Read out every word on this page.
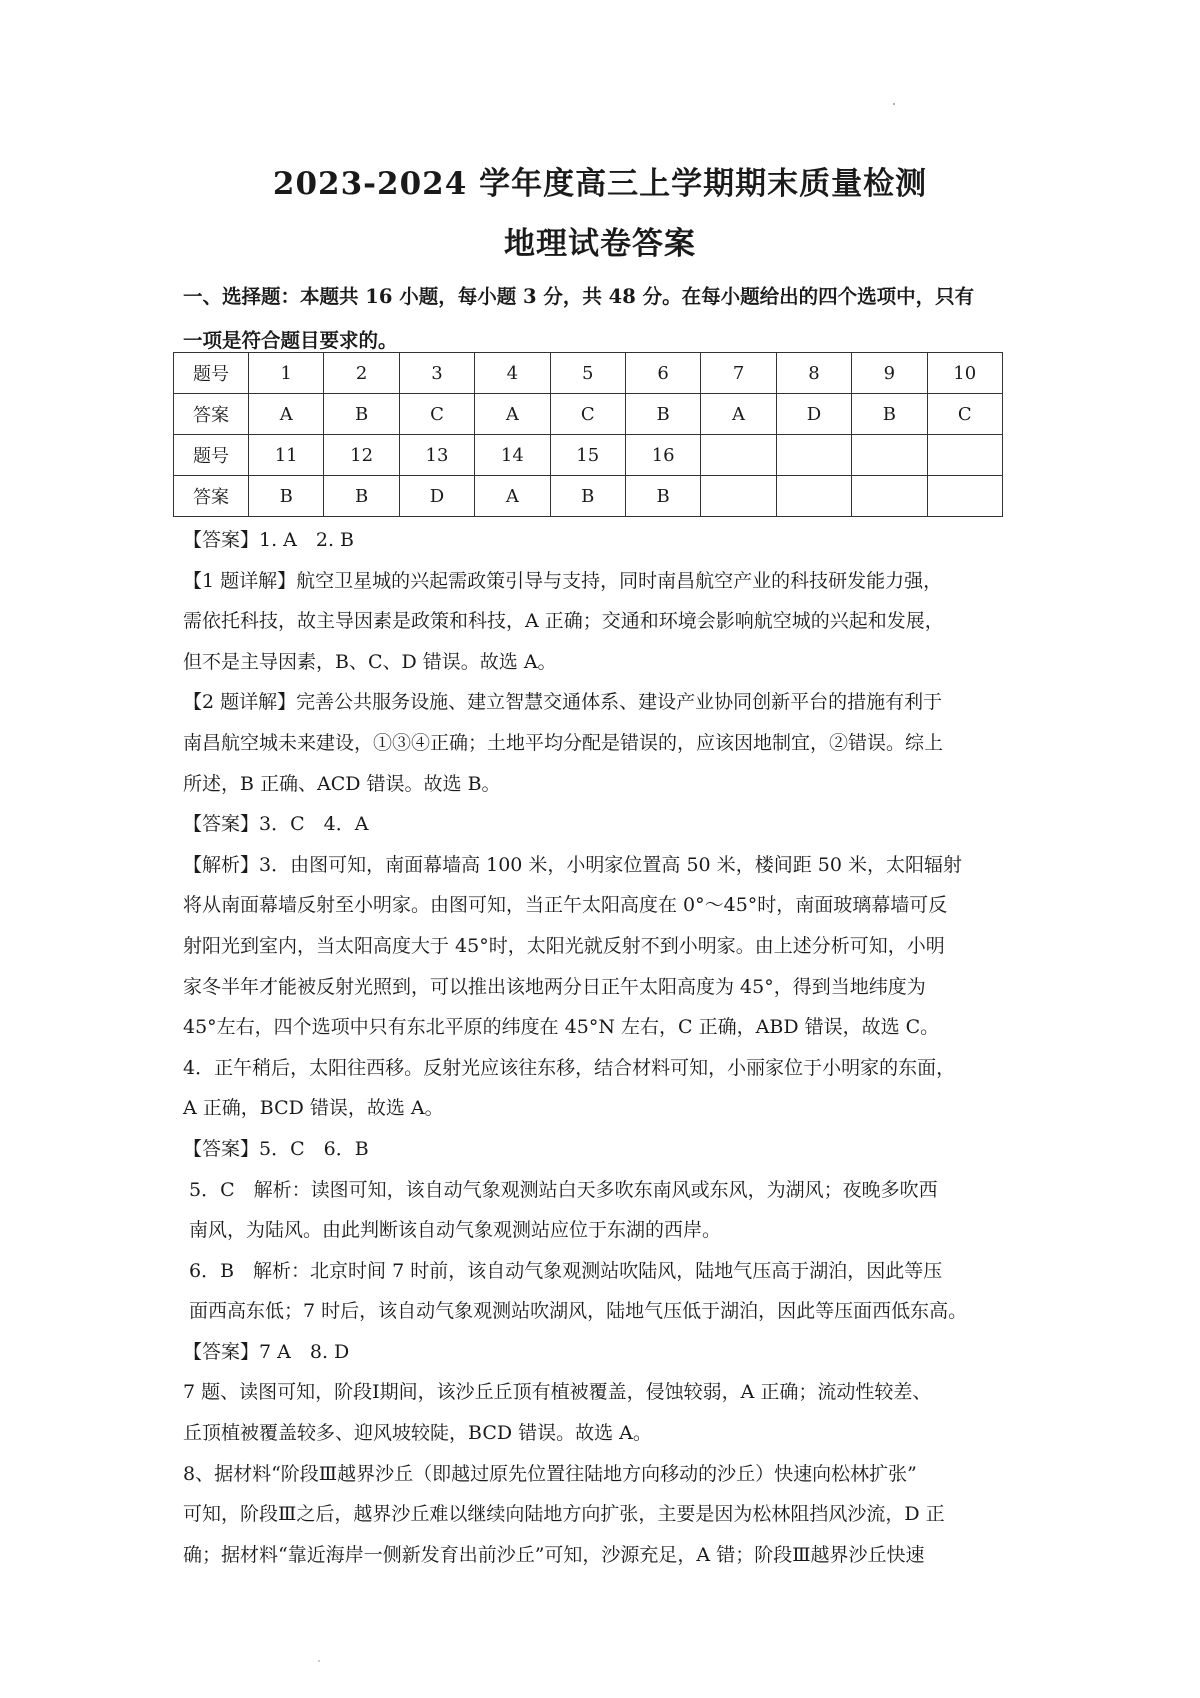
2023-2024 学年度高三上学期期末质量检测
地理试卷答案
一、选择题：本题共 16 小题，每小题 3 分，共 48 分。在每小题给出的四个选项中，只有
一项是符合题目要求的。
题号	1	2	3	4	5	6	7	8	9	10
答案	A	B	C	A	C	B	A	D	B	C
题号	11	12	13	14	15	16				
答案	B	B	D	A	B	B				

【答案】1. A　2. B

【1 题详解】航空卫星城的兴起需政策引导与支持，同时南昌航空产业的科技研发能力强，

需依托科技，故主导因素是政策和科技，A 正确；交通和环境会影响航空城的兴起和发展，

但不是主导因素，B、C、D 错误。故选 A。

【2 题详解】完善公共服务设施、建立智慧交通体系、建设产业协同创新平台的措施有利于

南昌航空城未来建设，①③④正确；土地平均分配是错误的，应该因地制宜，②错误。综上

所述，B 正确、ACD 错误。故选 B。

【答案】3．C　4．A

【解析】3．由图可知，南面幕墙高 100 米，小明家位置高 50 米，楼间距 50 米，太阳辐射

将从南面幕墙反射至小明家。由图可知，当正午太阳高度在 0°～45°时，南面玻璃幕墙可反

射阳光到室内，当太阳高度大于 45°时，太阳光就反射不到小明家。由上述分析可知，小明

家冬半年才能被反射光照到，可以推出该地两分日正午太阳高度为 45°，得到当地纬度为

45°左右，四个选项中只有东北平原的纬度在 45°N 左右，C 正确，ABD 错误，故选 C。

4．正午稍后，太阳往西移。反射光应该往东移，结合材料可知，小丽家位于小明家的东面，

A 正确，BCD 错误，故选 A。

【答案】5．C　6．B

5．C　解析：读图可知，该自动气象观测站白天多吹东南风或东风，为湖风；夜晚多吹西

南风，为陆风。由此判断该自动气象观测站应位于东湖的西岸。

6．B　解析：北京时间 7 时前，该自动气象观测站吹陆风，陆地气压高于湖泊，因此等压

面西高东低；7 时后，该自动气象观测站吹湖风，陆地气压低于湖泊，因此等压面西低东高。

【答案】7 A　8. D

7 题、读图可知，阶段Ⅰ期间，该沙丘丘顶有植被覆盖，侵蚀较弱，A 正确；流动性较差、

丘顶植被覆盖较多、迎风坡较陡，BCD 错误。故选 A。

8、据材料“阶段Ⅲ越界沙丘（即越过原先位置往陆地方向移动的沙丘）快速向松林扩张”

可知，阶段Ⅲ之后，越界沙丘难以继续向陆地方向扩张，主要是因为松林阻挡风沙流，D 正

确；据材料“靠近海岸一侧新发育出前沙丘”可知，沙源充足，A 错；阶段Ⅲ越界沙丘快速
